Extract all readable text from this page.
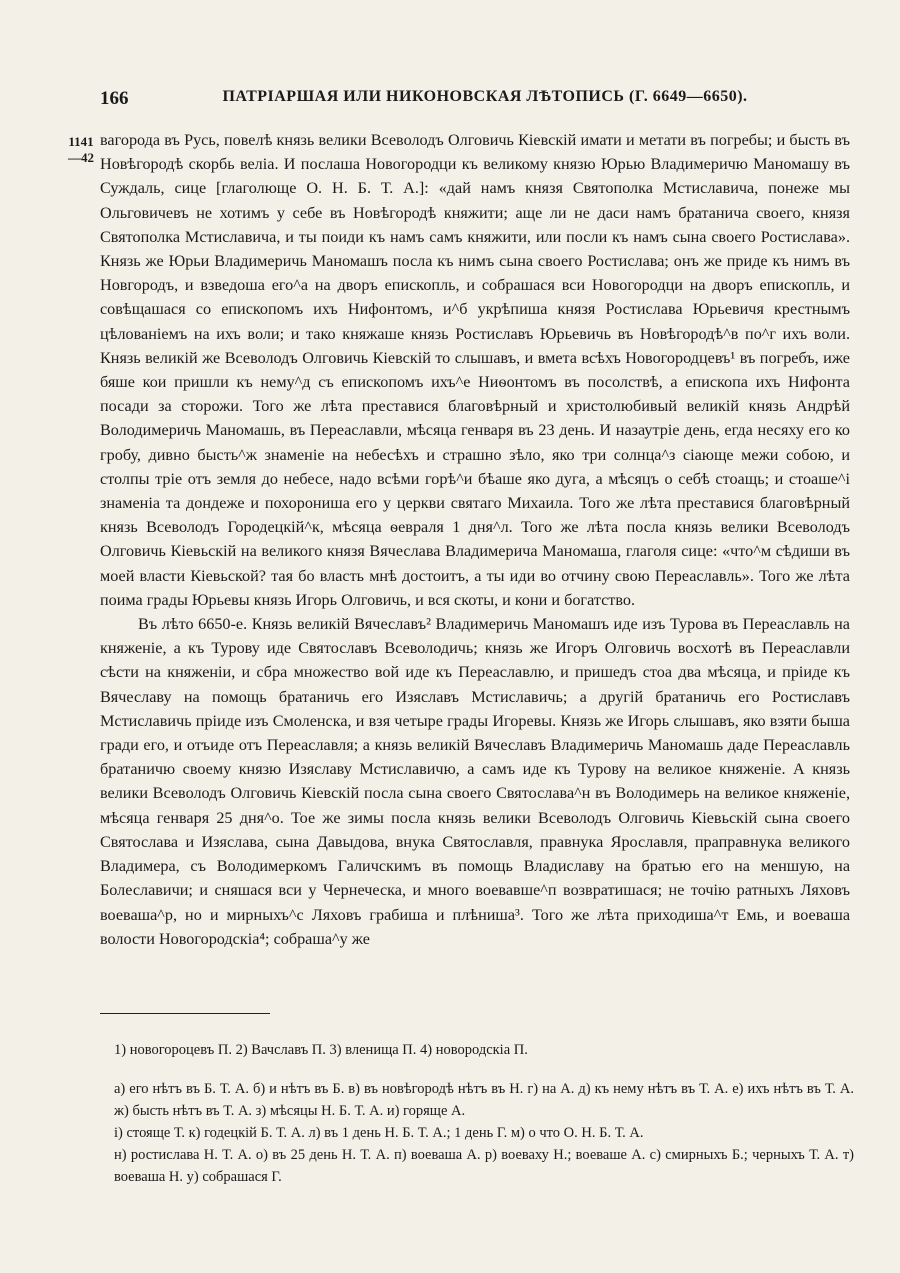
166	ПАТРІАРШАЯ ИЛИ НИКОНОВСКАЯ ЛѢТОПИСЬ (Г. 6649—6650).
1141
—42

вагорода въ Русь, повелѣ князь велики Всеволодъ Олговичь Кіевскій имати и метати въ погребы; и бысть въ Новѣгородѣ скорбь веліа. И послаша Новогородци къ великому князю Юрью Владимеричю Маномашу въ Суждаль, сице [глаголюще О. Н. Б. Т. А.]: «дай намъ князя Святополка Мстиславича, понеже мы Ольговичевъ не хотимъ у себе въ Новѣгородѣ княжити; аще ли не даси намъ братанича своего, князя Святополка Мстиславича, и ты поиди къ намъ самъ княжити, или посли къ намъ сына своего Ростислава». Князь же Юрьи Владимеричь Маномашъ посла къ нимъ сына своего Ростислава; онъ же приде къ нимъ въ Новгородъ, и взведоша его^а на дворъ епископль, и собрашася вси Новогородци на дворъ епископль, и совѣщашася со епископомъ ихъ Нифонтомъ, и^б укрѣпиша князя Ростислава Юрьевичя крестнымъ цѣлованіемъ на ихъ воли; и тако княжаше князь Ростиславъ Юрьевичь въ Новѣгородѣ^в по^г ихъ воли. Князь великій же Всеволодъ Олговичь Кіевскій то слышавъ, и вмета всѣхъ Новогородцевъ¹ въ погребъ, иже бяше кои пришли къ нему^д съ епископомъ ихъ^е Ниѳонтомъ въ посолствѣ, а епископа ихъ Нифонта посади за сторожи. Того же лѣта преставися благовѣрный и христолюбивый великій князь Андрѣй Володимеричь Маномашь, въ Переаславли, мѣсяца генваря въ 23 день. И назаутріе день, егда несяху его ко гробу, дивно бысть^ж знаменіе на небесѣхъ и страшно зѣло, яко три солнца^з сіающе межи собою, и столпы тріе отъ земля до небесе, надо всѣми горѣ^и бѣаше яко дуга, а мѣсяцъ о себѣ стоащь; и стоаше^і знаменіа та дондеже и похорониша его у церкви святаго Михаила. Того же лѣта преставися благовѣрный князь Всеволодъ Городецкій^к, мѣсяца ѳевраля 1 дня^л. Того же лѣта посла князь велики Всеволодъ Олговичь Кіевьскій на великого князя Вячеслава Владимерича Маномаша, глаголя сице: «что^м сѣдиши въ моей власти Кіевьской? тая бо власть мнѣ достоитъ, а ты иди во отчину свою Переаславль». Того же лѣта поима грады Юрьевы князь Игорь Олговичь, и вся скоты, и кони и богатство.

Въ лѣто 6650-е. Князь великій Вячеславъ² Владимеричь Маномашъ иде изъ Турова въ Переаславль на княженіе, а къ Турову иде Святославъ Всеволодичь; князь же Игоръ Олговичь восхотѣ въ Переаславли сѣсти на княженіи, и сбра множество вой иде къ Переаславлю, и пришедъ стоа два мѣсяца, и пріиде къ Вячеславу на помощь братаничь его Изяславъ Мстиславичь; а другій братаничь его Ростиславъ Мстиславичь пріиде изъ Смоленска, и взя четыре грады Игоревы. Князь же Игорь слышавъ, яко взяти быша гради его, и отъиде отъ Переаславля; а князь великій Вячеславъ Владимеричь Маномашь даде Переаславль братаничю своему князю Изяславу Мстиславичю, а самъ иде къ Турову на великое княженіе. А князь велики Всеволодъ Олговичь Кіевскій посла сына своего Святослава^н въ Володимерь на великое княженіе, мѣсяца генваря 25 дня^о. Тое же зимы посла князь велики Всеволодъ Олговичь Кіевьскій сына своего Святослава и Изяслава, сына Давыдова, внука Святославля, правнука Ярославля, праправнука великого Владимера, съ Володимеркомъ Галичскимъ въ помощь Владиславу на братью его на меншую, на Болеславичи; и сняшася вси у Чернеческа, и много воевавше^п возвратишася; не точію ратныхъ Ляховъ воеваша^р, но и мирныхъ^с Ляховъ грабиша и плѣниша³. Того же лѣта приходиша^т Емь, и воеваша волости Новогородскіа⁴; собраша^у же

1) новогороцевъ П. 2) Вачславъ П. 3) вленища П. 4) новородскіа П.

а) его нѣтъ въ Б. Т. А. б) и нѣтъ въ Б. в) въ новѣгородѣ нѣтъ въ Н. г) на А. д) къ нему нѣтъ въ Т. А. е) ихъ нѣтъ въ Т. А. ж) бысть нѣтъ въ Т. А. з) мѣсяцы Н. Б. Т. А. и) горяще А.

і) стояще Т. к) годецкій Б. Т. А. л) въ 1 день Н. Б. Т. А.; 1 день Г. м) о что О. Н. Б. Т. А.

н) ростислава Н. Т. А. о) въ 25 день Н. Т. А. п) воеваша А. р) воеваху Н.; воеваше А. с) смирныхъ Б.; черныхъ Т. А. т) воеваша Н. у) собрашася Г.
